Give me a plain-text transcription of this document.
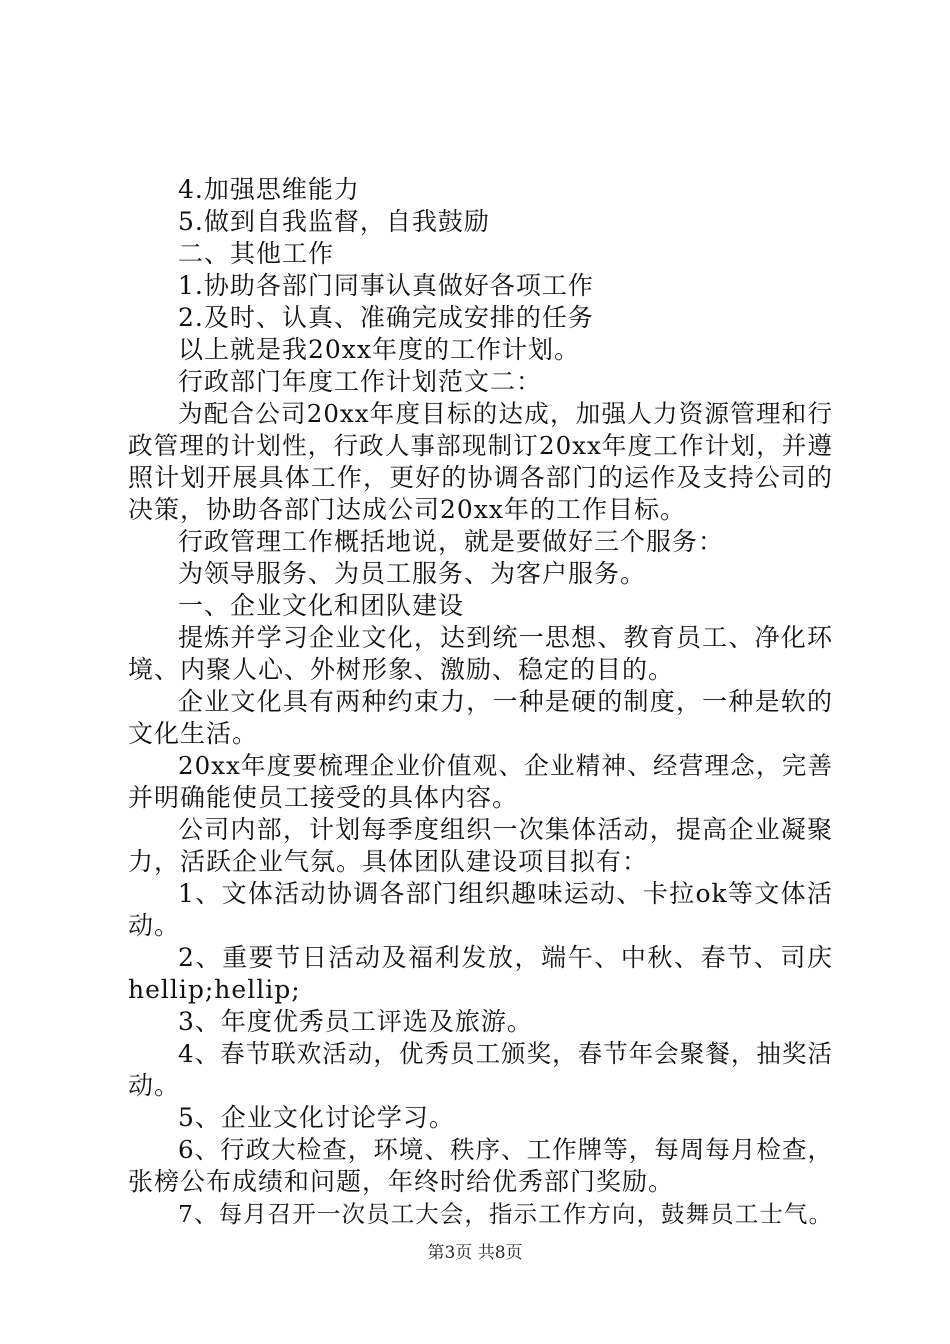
4.加强思维能力
5.做到自我监督，自我鼓励
二、其他工作
1.协助各部门同事认真做好各项工作
2.及时、认真、准确完成安排的任务
以上就是我20xx年度的工作计划。
行政部门年度工作计划范文二：
为配合公司20xx年度目标的达成，加强人力资源管理和行
政管理的计划性，行政人事部现制订20xx年度工作计划，并遵
照计划开展具体工作，更好的协调各部门的运作及支持公司的
决策，协助各部门达成公司20xx年的工作目标。
行政管理工作概括地说，就是要做好三个服务：
为领导服务、为员工服务、为客户服务。
一、企业文化和团队建设
提炼并学习企业文化，达到统一思想、教育员工、净化环
境、内聚人心、外树形象、激励、稳定的目的。
企业文化具有两种约束力，一种是硬的制度，一种是软的
文化生活。
20xx年度要梳理企业价值观、企业精神、经营理念，完善
并明确能使员工接受的具体内容。
公司内部，计划每季度组织一次集体活动，提高企业凝聚
力，活跃企业气氛。具体团队建设项目拟有：
1、文体活动协调各部门组织趣味运动、卡拉ok等文体活
动。
2、重要节日活动及福利发放，端午、中秋、春节、司庆
hellip;hellip;
3、年度优秀员工评选及旅游。
4、春节联欢活动，优秀员工颁奖，春节年会聚餐，抽奖活
动。
5、企业文化讨论学习。
6、行政大检查，环境、秩序、工作牌等，每周每月检查，
张榜公布成绩和问题，年终时给优秀部门奖励。
7、每月召开一次员工大会，指示工作方向，鼓舞员工士气。
第3页 共8页
